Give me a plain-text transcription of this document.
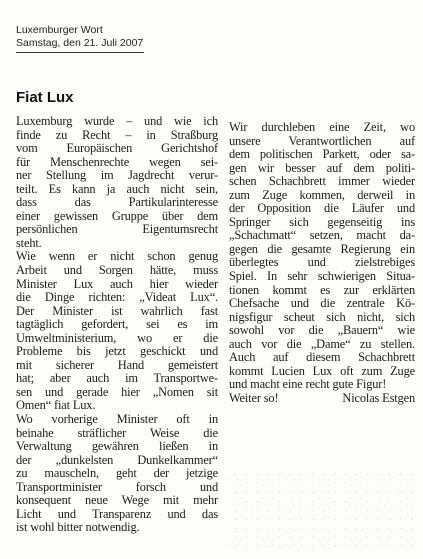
Luxemburger Wort
Samstag, den 21. Juli 2007
Fiat Lux
Luxemburg wurde – und wie ich
finde zu Recht – in Straßburg
vom Europäischen Gerichtshof
für Menschenrechte wegen sei-
ner Stellung im Jagdrecht verur-
teilt. Es kann ja auch nicht sein,
dass das Partikularinteresse
einer gewissen Gruppe über dem
persönlichen Eigentumsrecht
steht.
Wie wenn er nicht schon genug
Arbeit und Sorgen hätte, muss
Minister Lux auch hier wieder
die Dinge richten: „Videat Lux“.
Der Minister ist wahrlich fast
tagtäglich gefordert, sei es im
Umweltministerium, wo er die
Probleme bis jetzt geschickt und
mit sicherer Hand gemeistert
hat; aber auch im Transportwe-
sen und gerade hier „Nomen sit
Omen“ fiat Lux.
Wo vorherige Minister oft in
beinahe sträflicher Weise die
Verwaltung gewähren ließen in
der „dunkelsten Dunkelkammer“
zu mauscheln, geht der jetzige
Transportminister forsch und
konsequent neue Wege mit mehr
Licht und Transparenz und das
ist wohl bitter notwendig.
Wir durchleben eine Zeit, wo
unsere Verantwortlichen auf
dem politischen Parkett, oder sa-
gen wir besser auf dem politi-
schen Schachbrett immer wieder
zum Zuge kommen, derweil in
der Opposition die Läufer und
Springer sich gegenseitig ins
„Schachmatt“ setzen, macht da-
gegen die gesamte Regierung ein
überlegtes und zielstrebiges
Spiel. In sehr schwierigen Situa-
tionen kommt es zur erklärten
Chefsache und die zentrale Kö-
nigsfigur scheut sich nicht, sich
sowohl vor die „Bauern“ wie
auch vor die „Dame“ zu stellen.
Auch auf diesem Schachbrett
kommt Lucien Lux oft zum Zuge
und macht eine recht gute Figur!
Weiter so!	Nicolas Estgen
